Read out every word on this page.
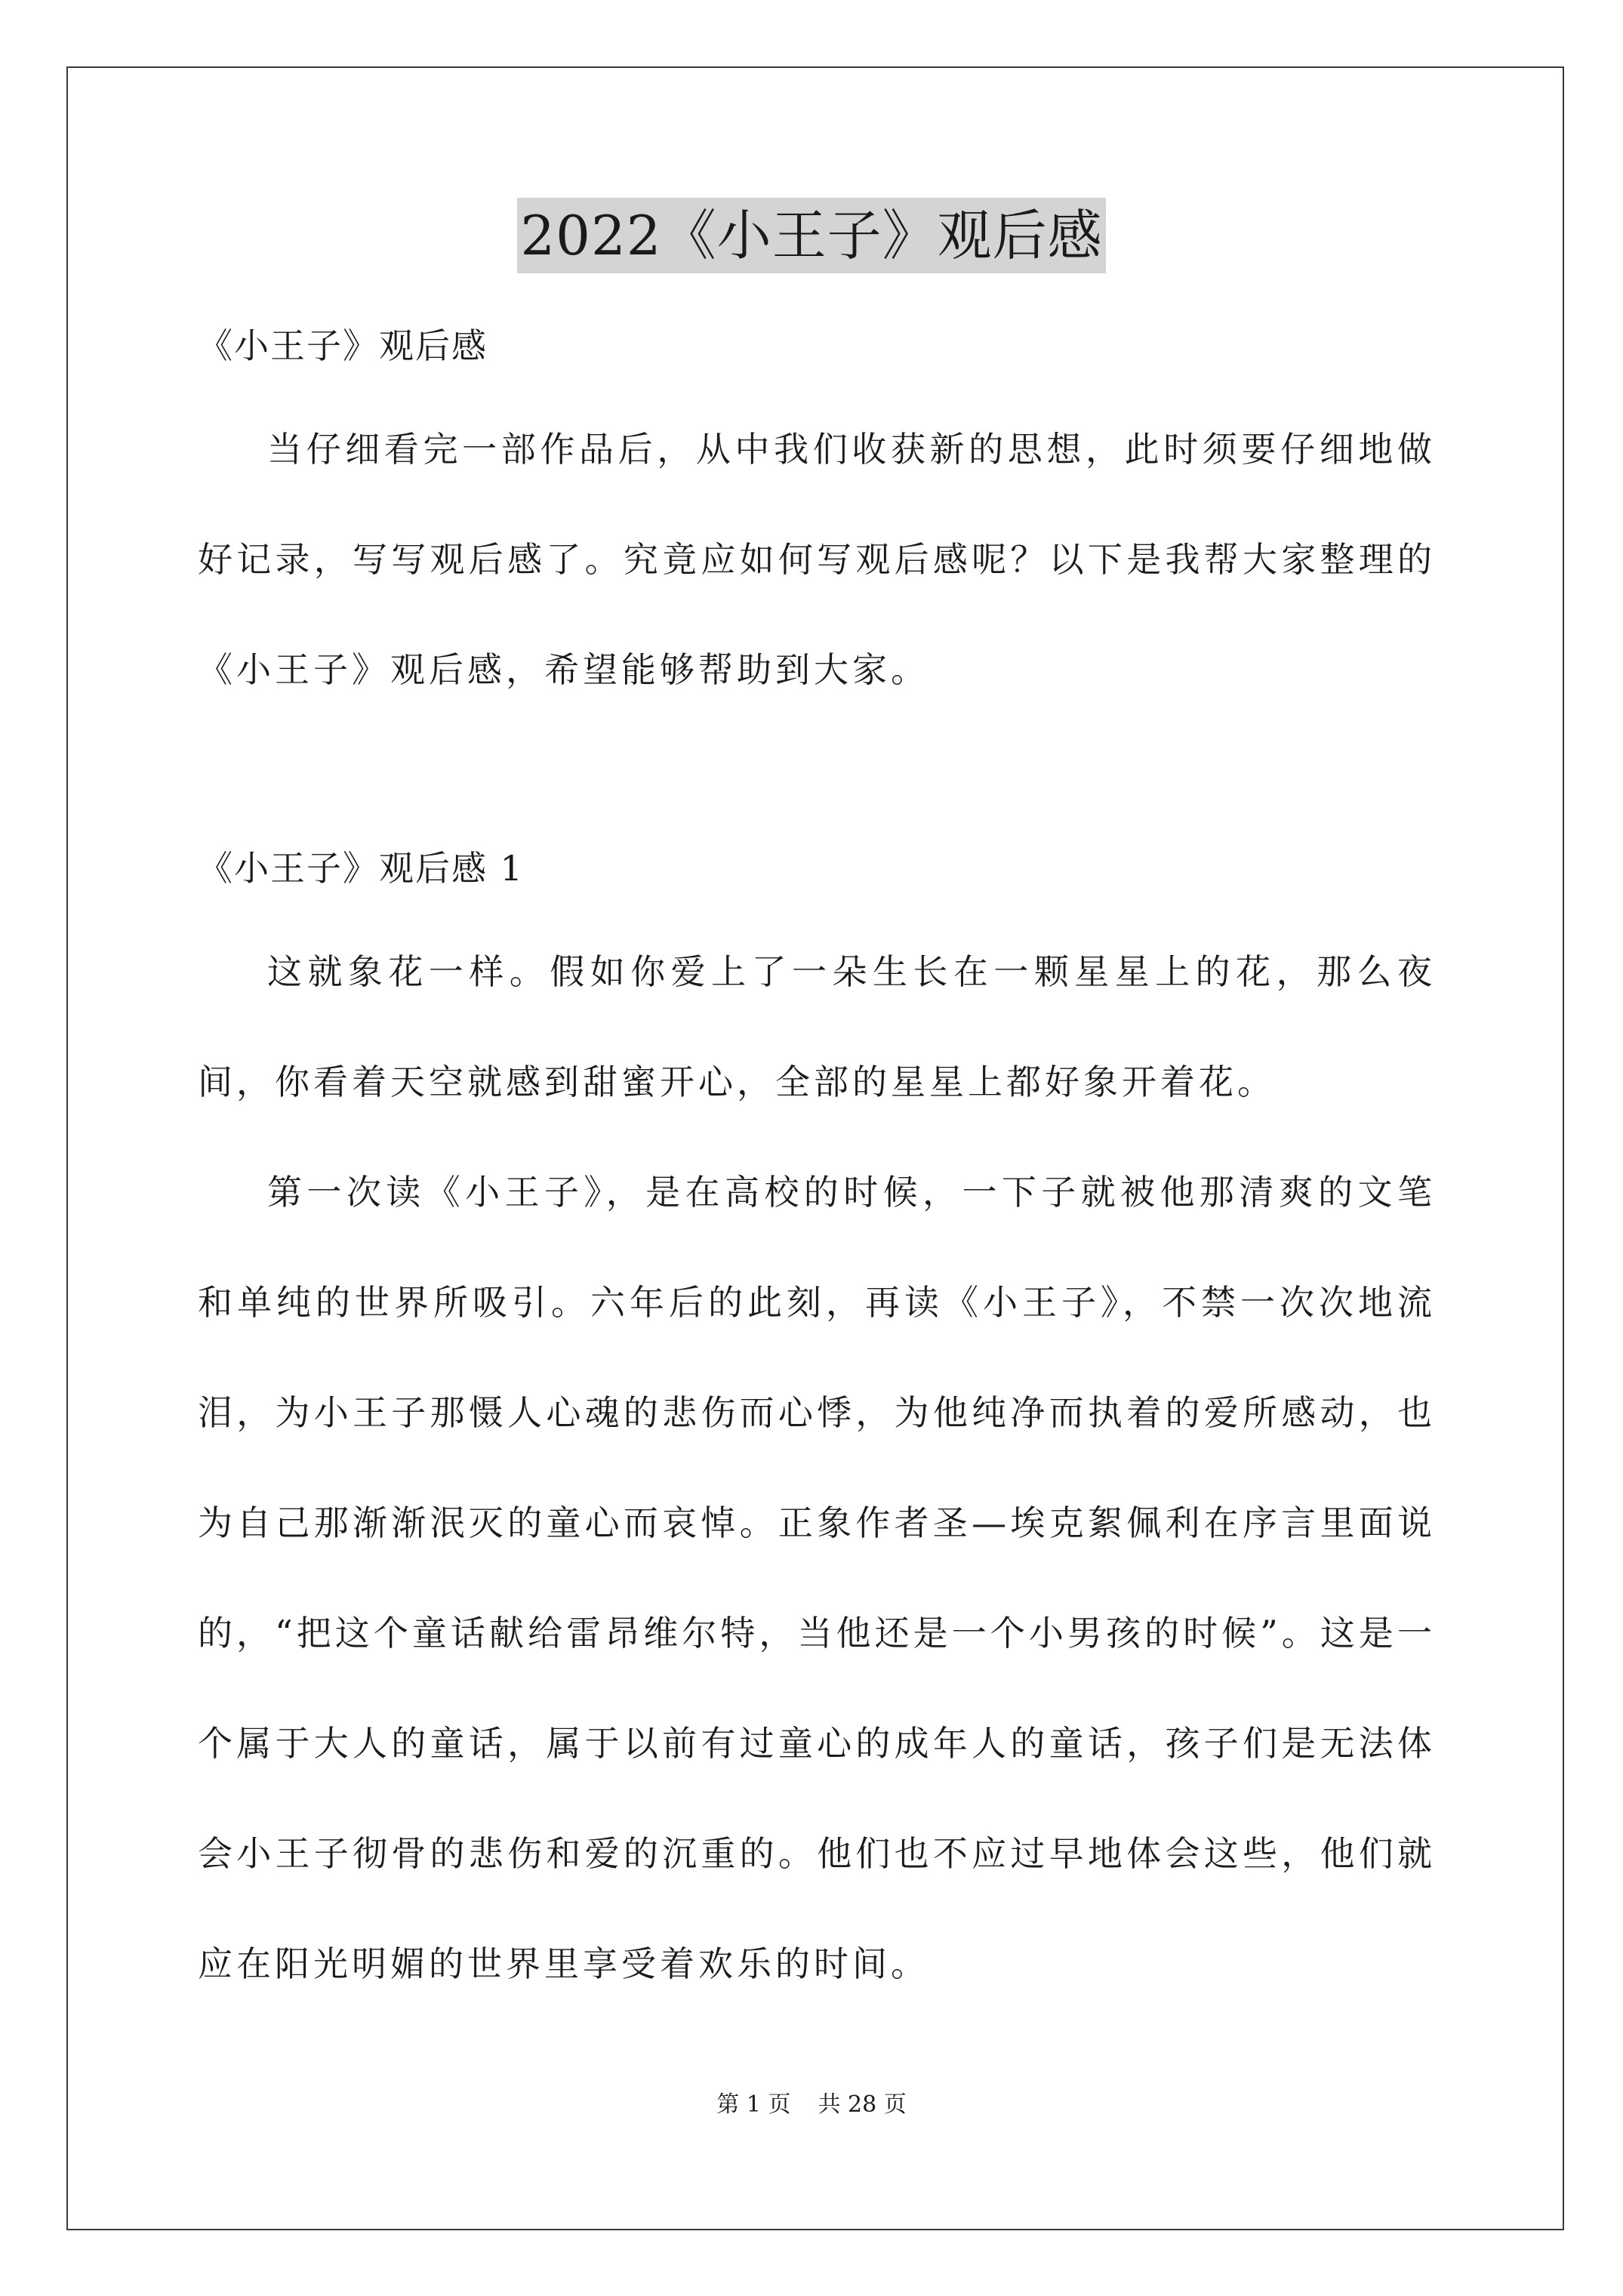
2022《小王子》观后感

《小王子》观后感

当仔细看完一部作品后，从中我们收获新的思想，此时须要仔细地做好记录，写写观后感了。究竟应如何写观后感呢？以下是我帮大家整理的《小王子》观后感，希望能够帮助到大家。

《小王子》观后感 1

这就象花一样。假如你爱上了一朵生长在一颗星星上的花，那么夜间，你看着天空就感到甜蜜开心，全部的星星上都好象开着花。

第一次读《小王子》，是在高校的时候，一下子就被他那清爽的文笔和单纯的世界所吸引。六年后的此刻，再读《小王子》，不禁一次次地流泪，为小王子那慑人心魂的悲伤而心悸，为他纯净而执着的爱所感动，也为自己那渐渐泯灭的童心而哀悼。正象作者圣—埃克絮佩利在序言里面说的，“把这个童话献给雷昂维尔特，当他还是一个小男孩的时候”。这是一个属于大人的童话，属于以前有过童心的成年人的童话，孩子们是无法体会小王子彻骨的悲伤和爱的沉重的。他们也不应过早地体会这些，他们就应在阳光明媚的世界里享受着欢乐的时间。

第 1 页 共 28 页
